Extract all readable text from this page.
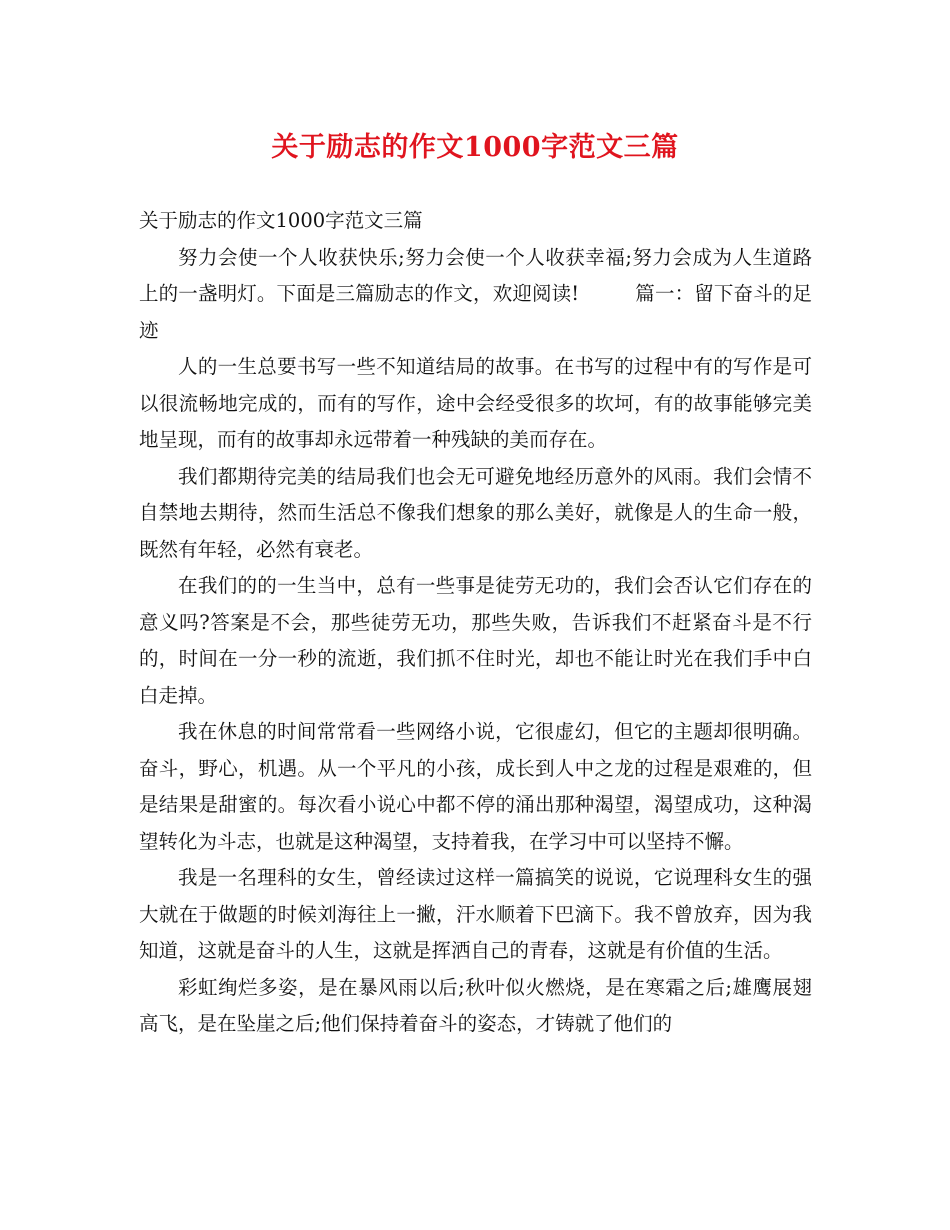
关于励志的作文1000字范文三篇

关于励志的作文1000字范文三篇

努力会使一个人收获快乐;努力会使一个人收获幸福;努力会成为人生道路上的一盏明灯。下面是三篇励志的作文，欢迎阅读!	篇一：留下奋斗的足迹

人的一生总要书写一些不知道结局的故事。在书写的过程中有的写作是可以很流畅地完成的，而有的写作，途中会经受很多的坎坷，有的故事能够完美地呈现，而有的故事却永远带着一种残缺的美而存在。

我们都期待完美的结局我们也会无可避免地经历意外的风雨。我们会情不自禁地去期待，然而生活总不像我们想象的那么美好，就像是人的生命一般，既然有年轻，必然有衰老。

在我们的的一生当中，总有一些事是徒劳无功的，我们会否认它们存在的意义吗?答案是不会，那些徒劳无功，那些失败，告诉我们不赶紧奋斗是不行的，时间在一分一秒的流逝，我们抓不住时光，却也不能让时光在我们手中白白走掉。

我在休息的时间常常看一些网络小说，它很虚幻，但它的主题却很明确。奋斗，野心，机遇。从一个平凡的小孩，成长到人中之龙的过程是艰难的，但是结果是甜蜜的。每次看小说心中都不停的涌出那种渴望，渴望成功，这种渴望转化为斗志，也就是这种渴望，支持着我，在学习中可以坚持不懈。

我是一名理科的女生，曾经读过这样一篇搞笑的说说，它说理科女生的强大就在于做题的时候刘海往上一撇，汗水顺着下巴滴下。我不曾放弃，因为我知道，这就是奋斗的人生，这就是挥洒自己的青春，这就是有价值的生活。

彩虹绚烂多姿，是在暴风雨以后;秋叶似火燃烧，是在寒霜之后;雄鹰展翅高飞，是在坠崖之后;他们保持着奋斗的姿态，才铸就了他们的
